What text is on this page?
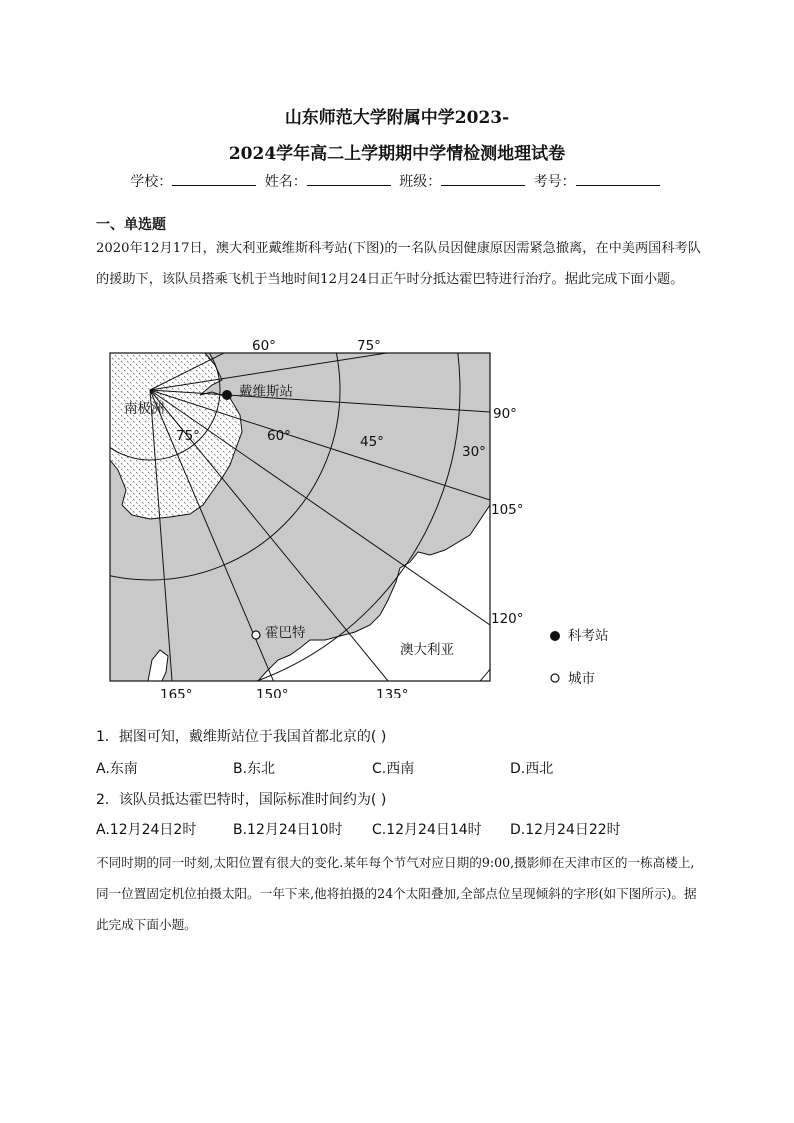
山东师范大学附属中学2023-
2024学年高二上学期期中学情检测地理试卷
学校：	姓名：	班级：	考号：
一、单选题
2020年12月17日，澳大利亚戴维斯科考站(下图)的一名队员因健康原因需紧急撤离，在中美两国科考队的援助下，该队员搭乘飞机于当地时间12月24日正午时分抵达霍巴特进行治疗。据此完成下面小题。
南极洲
戴维斯站
霍巴特
澳大利亚
60°	75°
90°
105°
120°
135°
150°
165°
75°	60°	45°
30°
科考站
城市
1．据图可知，戴维斯站位于我国首都北京的( )
A.东南	B.东北	C.西南	D.西北
2．该队员抵达霍巴特时，国际标准时间约为( )
A.12月24日2时	B.12月24日10时 C.12月24日14时 D.12月24日22时
不同时期的同一时刻,太阳位置有很大的变化.某年每个节气对应日期的9:00,摄影师在天津市区的一栋高楼上,同一位置固定机位拍摄太阳。一年下来,他将拍摄的24个太阳叠加,全部点位呈现倾斜的字形(如下图所示)。据此完成下面小题。
